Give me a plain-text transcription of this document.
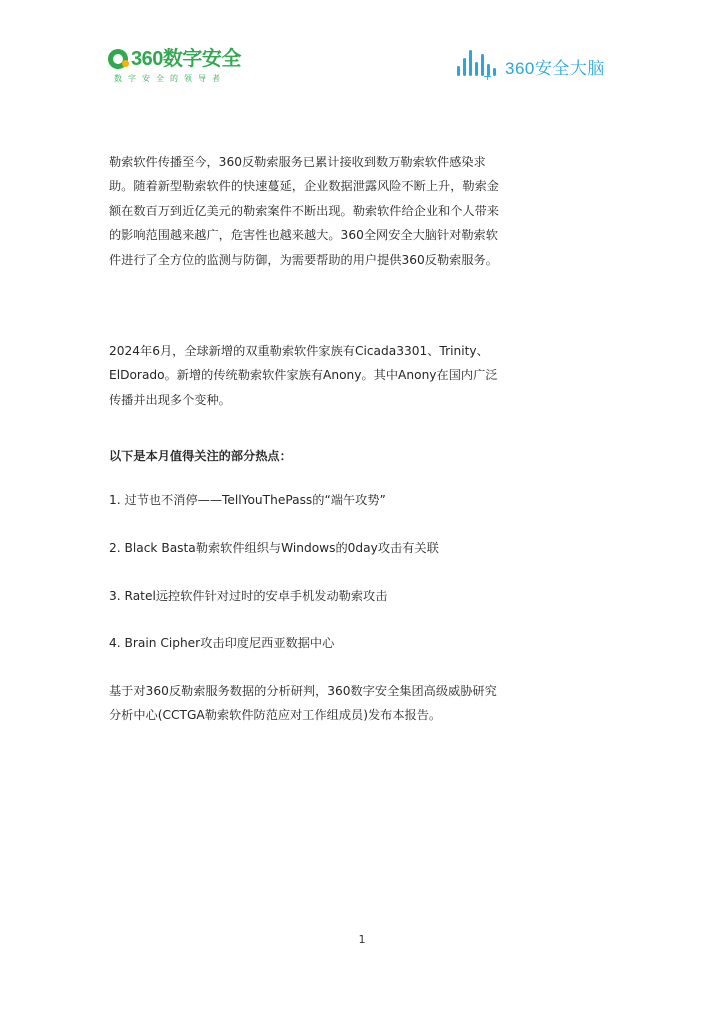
360数字安全
数字安全的领导者	+ 360安全大脑

勒索软件传播至今，360反勒索服务已累计接收到数万勒索软件感染求助。随着新型勒索软件的快速蔓延，企业数据泄露风险不断上升，勒索金额在数百万到近亿美元的勒索案件不断出现。勒索软件给企业和个人带来的影响范围越来越广，危害性也越来越大。360全网安全大脑针对勒索软件进行了全方位的监测与防御，为需要帮助的用户提供360反勒索服务。

2024年6月，全球新增的双重勒索软件家族有Cicada3301、Trinity、ElDorado。新增的传统勒索软件家族有Anony。其中Anony在国内广泛传播并出现多个变种。

以下是本月值得关注的部分热点：

1. 过节也不消停——TellYouThePass的“端午攻势”

2. Black Basta勒索软件组织与Windows的0day攻击有关联

3. Ratel远控软件针对过时的安卓手机发动勒索攻击

4. Brain Cipher攻击印度尼西亚数据中心

基于对360反勒索服务数据的分析研判，360数字安全集团高级威胁研究分析中心(CCTGA勒索软件防范应对工作组成员)发布本报告。

1
